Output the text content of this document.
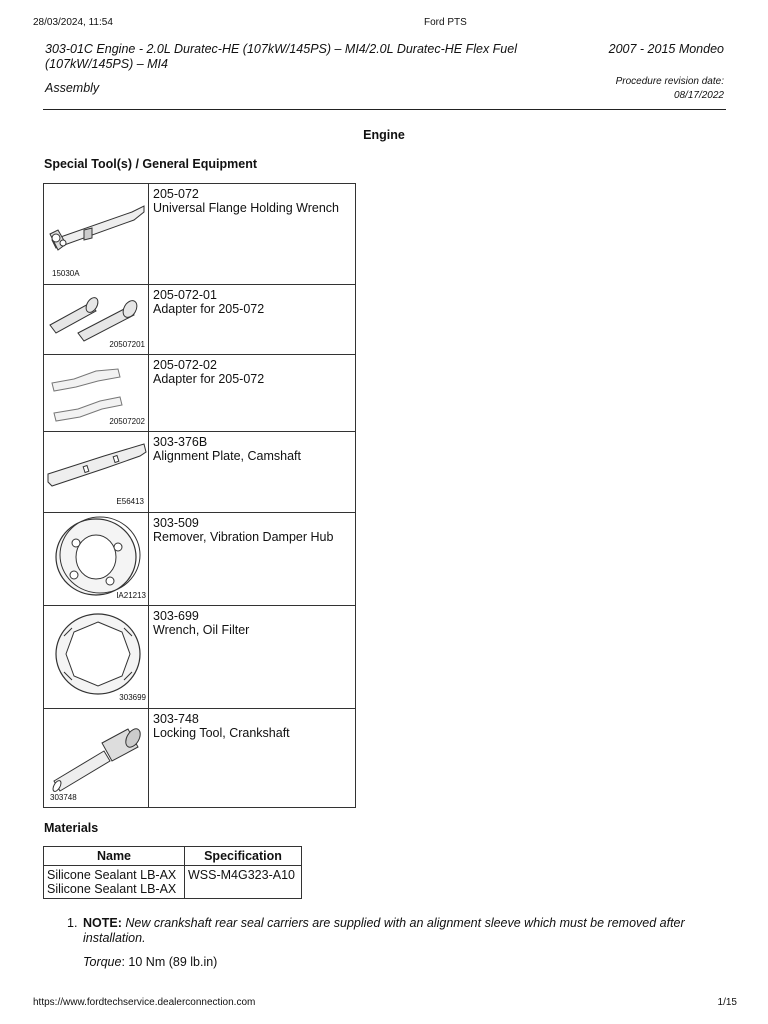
28/03/2024, 11:54	Ford PTS
303-01C Engine - 2.0L Duratec-HE (107kW/145PS) – MI4/2.0L Duratec-HE Flex Fuel (107kW/145PS) – MI4
2007 - 2015 Mondeo
Assembly	Procedure revision date:
08/17/2022
Engine
Special Tool(s) / General Equipment
15030A	205-072
Universal Flange Holding Wrench

20507201	205-072-01
Adapter for 205-072

20507202	205-072-02
Adapter for 205-072

E56413	303-376B
Alignment Plate, Camshaft

IA21213	303-509
Remover, Vibration Damper Hub

303699	303-699
Wrench, Oil Filter

303748	303-748
Locking Tool, Crankshaft
Materials
Name	Specification

Silicone Sealant LB-AX
Silicone Sealant LB-AX	WSS-M4G323-A10
1. NOTE: New crankshaft rear seal carriers are supplied with an alignment sleeve which must be removed after installation.
Torque: 10 Nm (89 lb.in)
https://www.fordtechservice.dealerconnection.com	1/15
